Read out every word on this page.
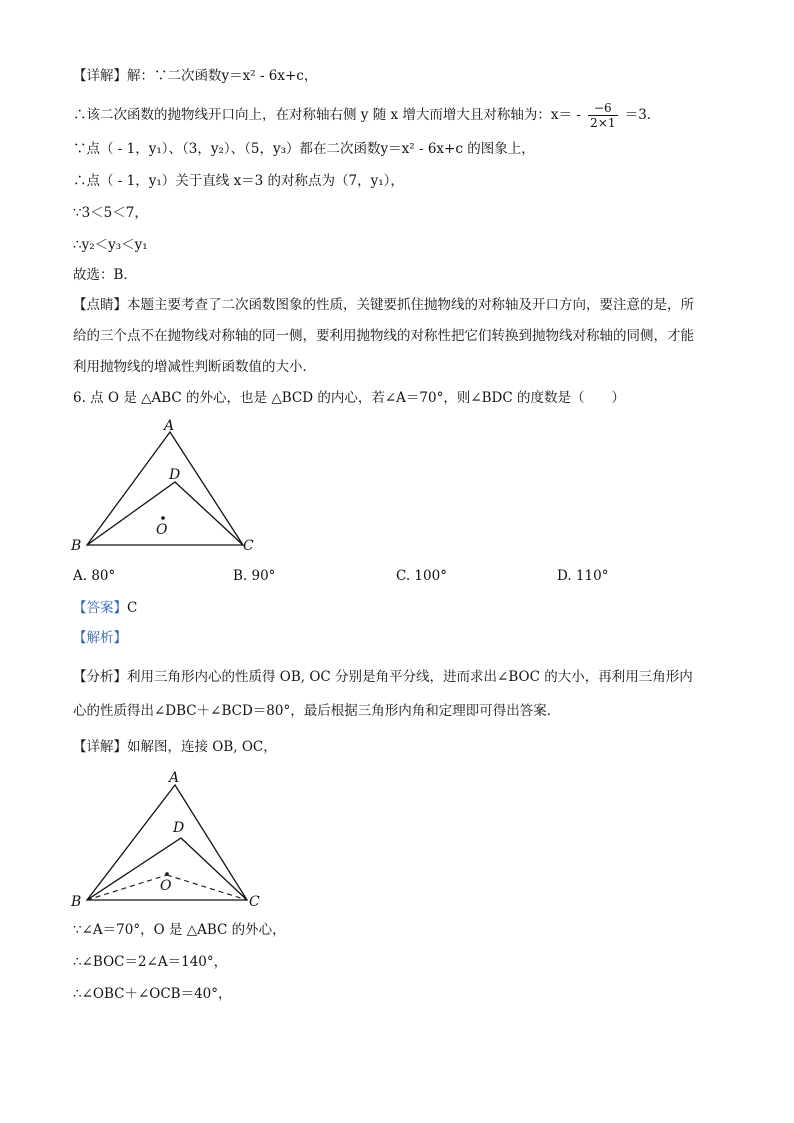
【详解】解：∵二次函数y＝x² - 6x+c，
∴该二次函数的抛物线开口向上，在对称轴右侧 y 随 x 增大而增大且对称轴为：$x= - \frac{-6}{2\times 1} =3$．
∵点（ - 1，y₁）、（3，y₂）、（5，y₃）都在二次函数y＝x² - 6x+c 的图象上，
∴点（ - 1，y₁）关于直线 x＝3 的对称点为（7，y₁），
∵3＜5＜7，
∴y₂＜y₃＜y₁
故选：B．
【点睛】本题主要考查了二次函数图象的性质，关键要抓住抛物线的对称轴及开口方向，要注意的是，所
给的三个点不在抛物线对称轴的同一侧，要利用抛物线的对称性把它们转换到抛物线对称轴的同侧，才能
利用抛物线的增减性判断函数值的大小．
6. 点 O 是 △ABC 的外心，也是 △BCD 的内心，若∠A＝70°，则∠BDC 的度数是（　　）
A
D
O
B	C
A. 80°	B. 90°	C. 100°	D. 110°
【答案】C
【解析】
【分析】利用三角形内心的性质得 OB, OC 分别是角平分线，进而求出∠BOC 的大小，再利用三角形内
心的性质得出∠DBC＋∠BCD＝80°，最后根据三角形内角和定理即可得出答案．
【详解】如解图，连接 OB, OC，
A
D
O
B	C
∵∠A＝70°，O 是 △ABC 的外心，
∴∠BOC＝2∠A＝140°，
∴∠OBC＋∠OCB＝40°，
